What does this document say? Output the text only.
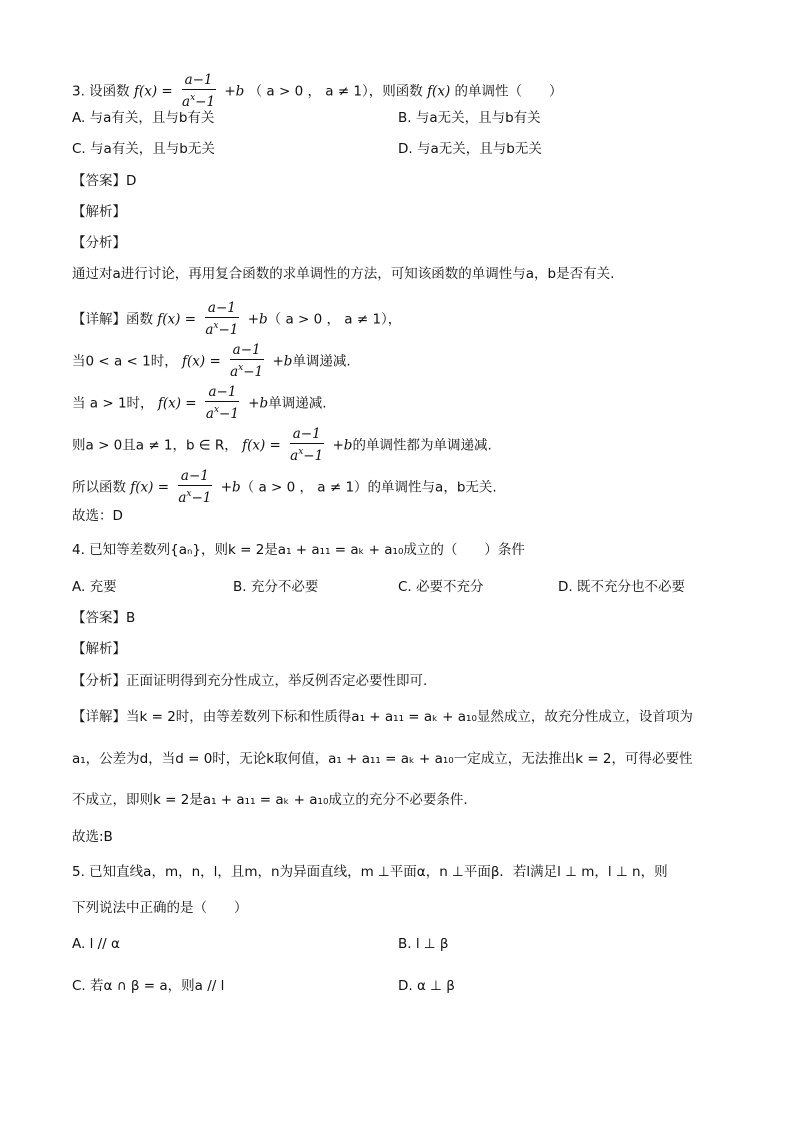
3. 设函数 $f(x) = \frac{a-1}{a^x-1} +b$ （ a > 0 ， a ≠ 1），则函数 f(x) 的单调性（　　）
A. 与a有关，且与b有关	B. 与a无关，且与b有关
C. 与a有关，且与b无关	D. 与a无关，且与b无关
【答案】D
【解析】
【分析】
通过对a进行讨论，再用复合函数的求单调性的方法，可知该函数的单调性与a，b是否有关.
【详解】函数 $f(x) = \frac{a-1}{a^x-1} +b$（ a > 0 ， a ≠ 1），
当0 < a < 1时， $f(x) = \frac{a-1}{a^x-1} +b$单调递减.
当 a > 1时， $f(x) = \frac{a-1}{a^x-1} +b$单调递减.
则a > 0且a ≠ 1，b ∈ R， $f(x) = \frac{a-1}{a^x-1} +b$的单调性都为单调递减.
所以函数 $f(x) = \frac{a-1}{a^x-1} +b$（ a > 0 ， a ≠ 1）的单调性与a，b无关.
故选：D
4. 已知等差数列{aₙ}，则k = 2是a₁ + a₁₁ = aₖ + a₁₀成立的（　　）条件
A. 充要	B. 充分不必要	C. 必要不充分	D. 既不充分也不必要
【答案】B
【解析】
【分析】正面证明得到充分性成立，举反例否定必要性即可.
【详解】当k = 2时，由等差数列下标和性质得a₁ + a₁₁ = aₖ + a₁₀显然成立，故充分性成立，设首项为
a₁，公差为d，当d = 0时，无论k取何值，a₁ + a₁₁ = aₖ + a₁₀一定成立，无法推出k = 2，可得必要性
不成立，即则k = 2是a₁ + a₁₁ = aₖ + a₁₀成立的充分不必要条件.
故选:B
5. 已知直线a，m，n，l，且m，n为异面直线，m ⊥平面α，n ⊥平面β．若l满足l ⊥ m，l ⊥ n，则
下列说法中正确的是（　　）
A. l // α	B. l ⊥ β
C. 若α ∩ β = a，则a // l	D. α ⊥ β
